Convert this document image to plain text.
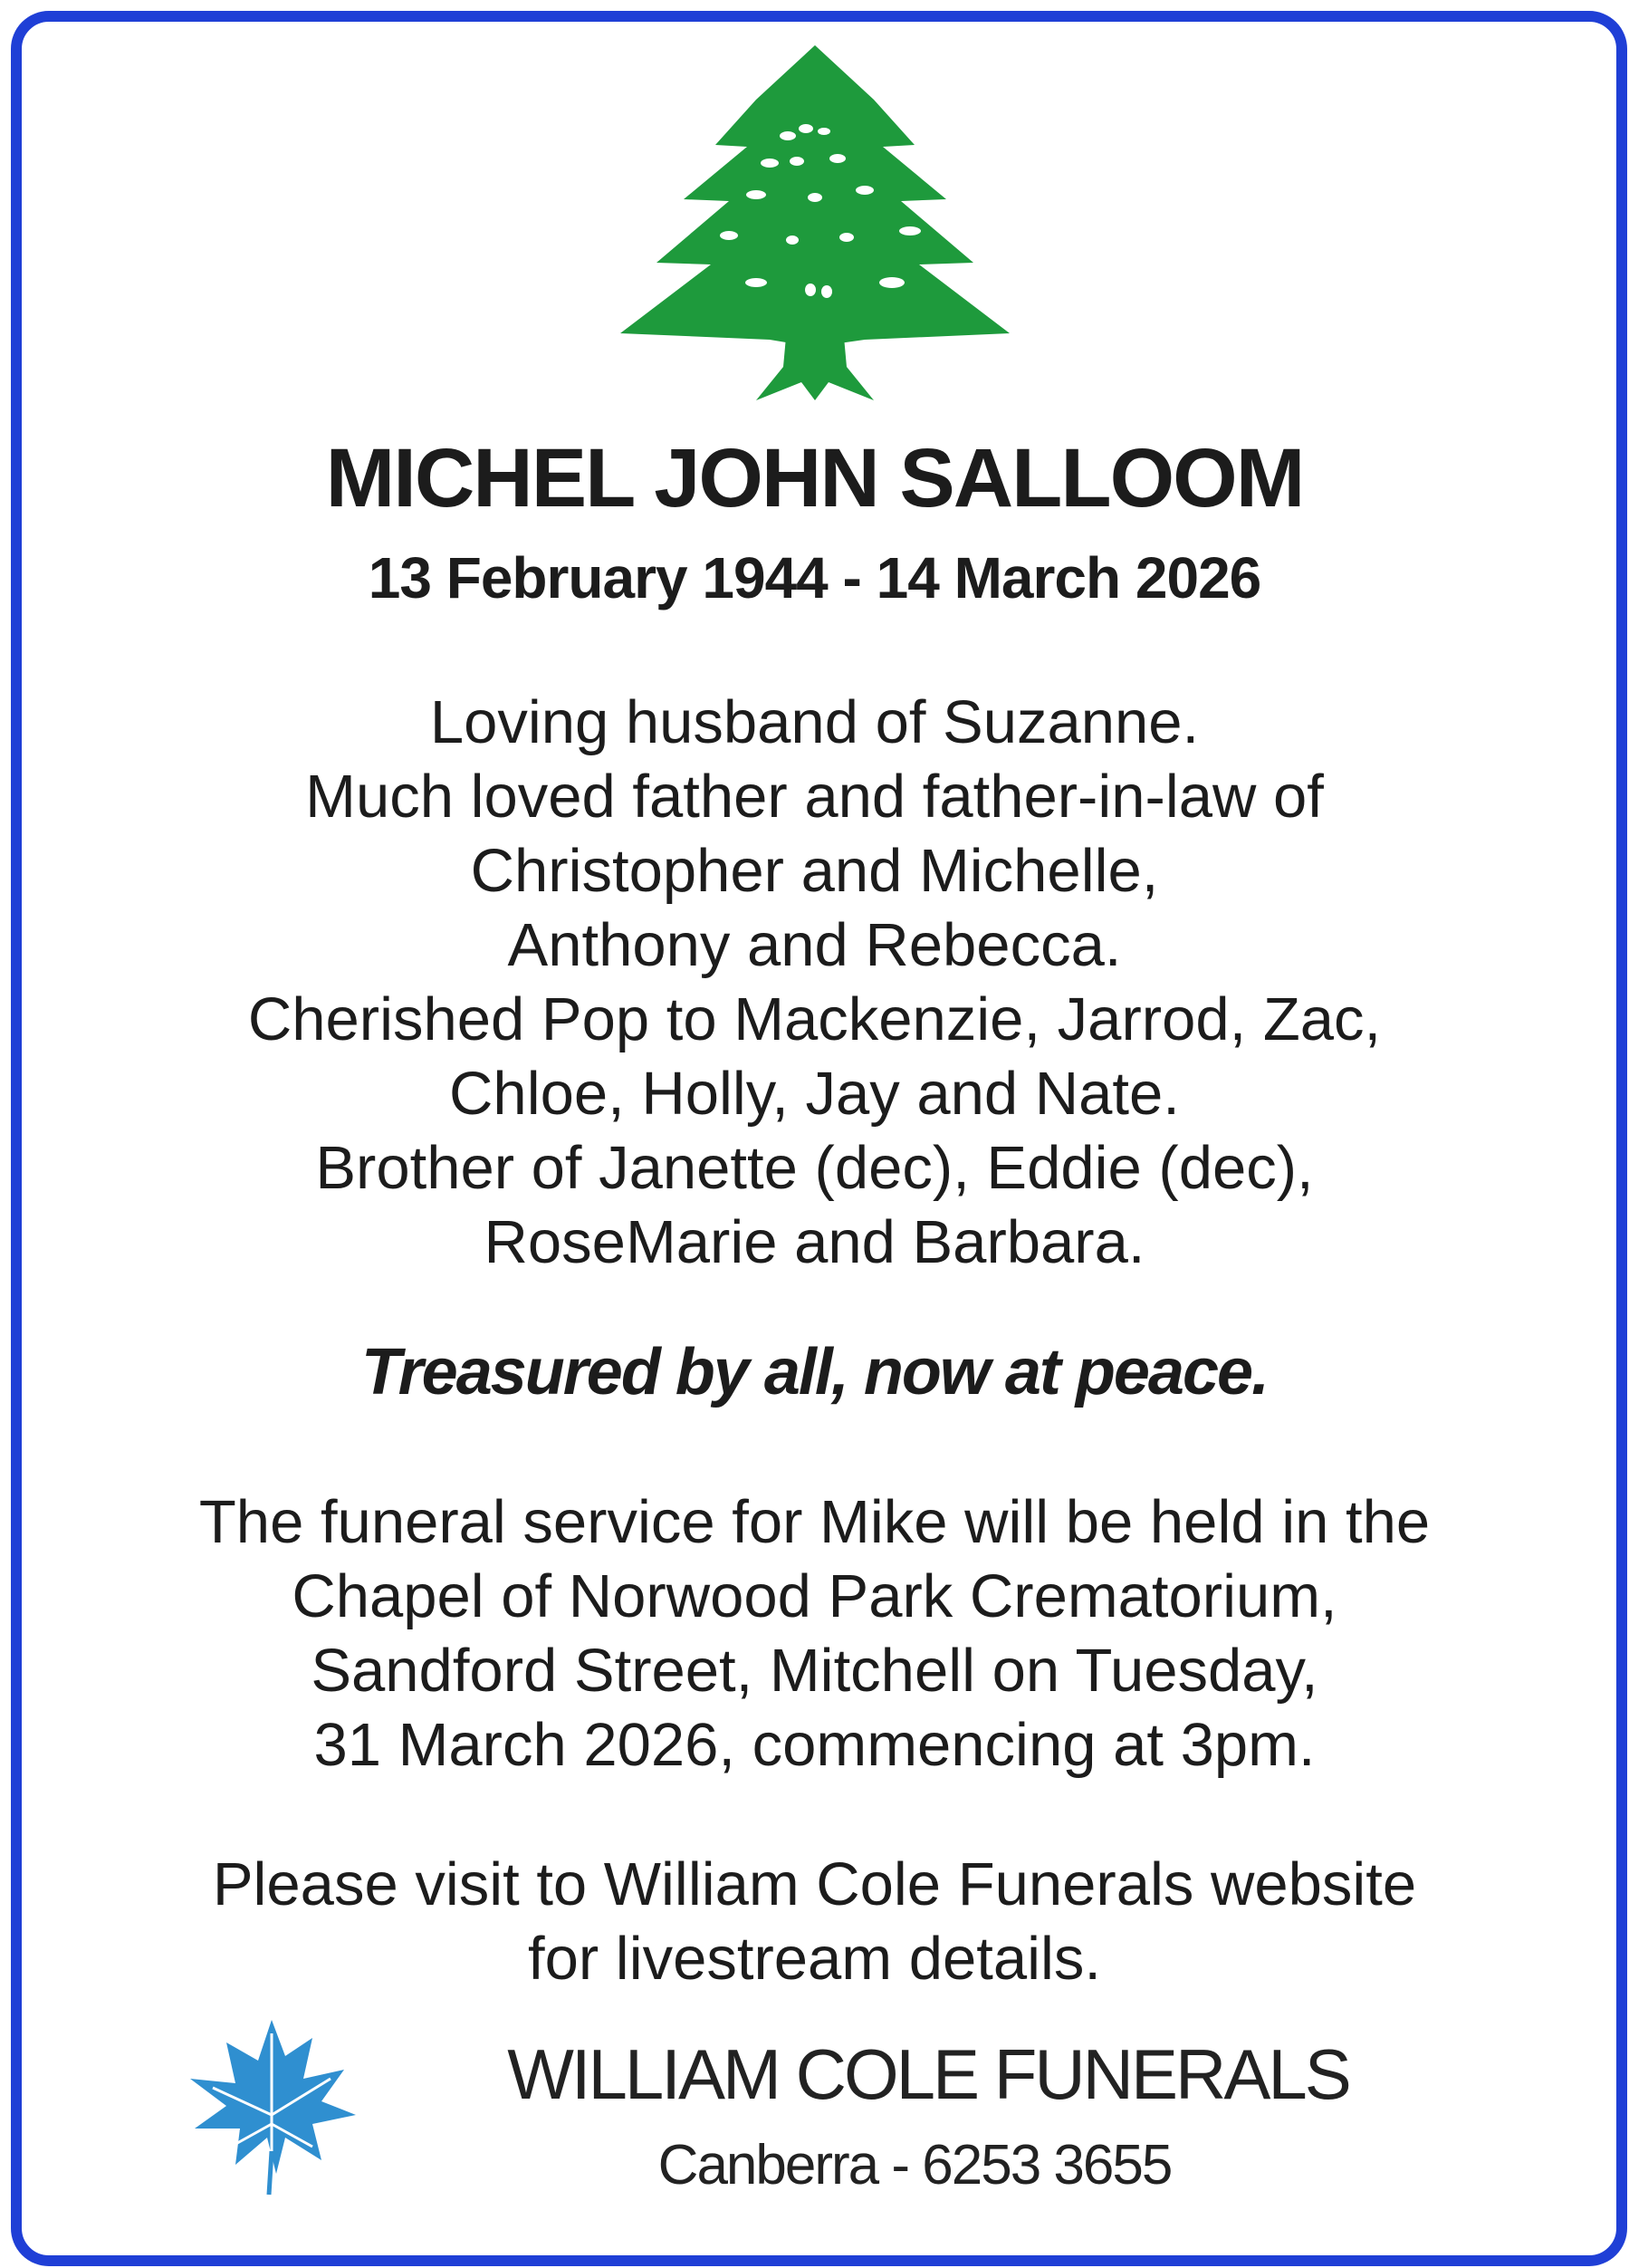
MICHEL JOHN SALLOOM
13 February 1944 - 14 March 2026
Loving husband of Suzanne.
Much loved father and father-in-law of
Christopher and Michelle,
Anthony and Rebecca.
Cherished Pop to Mackenzie, Jarrod, Zac,
Chloe, Holly, Jay and Nate.
Brother of Janette (dec), Eddie (dec),
RoseMarie and Barbara.
Treasured by all, now at peace.
The funeral service for Mike will be held in the
Chapel of Norwood Park Crematorium,
Sandford Street, Mitchell on Tuesday,
31 March 2026, commencing at 3pm.
Please visit to William Cole Funerals website
for livestream details.
WILLIAM COLE FUNERALS
Canberra - 6253 3655
